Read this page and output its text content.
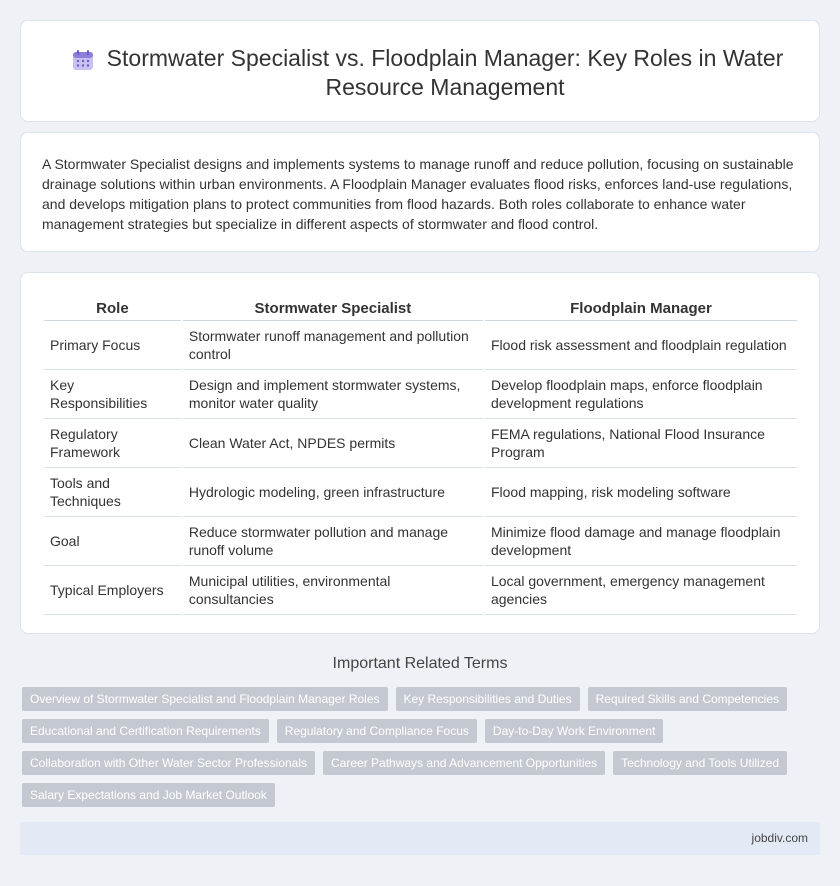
Stormwater Specialist vs. Floodplain Manager: Key Roles in Water Resource Management

A Stormwater Specialist designs and implements systems to manage runoff and reduce pollution, focusing on sustainable drainage solutions within urban environments. A Floodplain Manager evaluates flood risks, enforces land-use regulations, and develops mitigation plans to protect communities from flood hazards. Both roles collaborate to enhance water management strategies but specialize in different aspects of stormwater and flood control.

Role	Stormwater Specialist	Floodplain Manager
Primary Focus	Stormwater runoff management and pollution control	Flood risk assessment and floodplain regulation
Key Responsibilities	Design and implement stormwater systems, monitor water quality	Develop floodplain maps, enforce floodplain development regulations
Regulatory Framework	Clean Water Act, NPDES permits	FEMA regulations, National Flood Insurance Program
Tools and Techniques	Hydrologic modeling, green infrastructure	Flood mapping, risk modeling software
Goal	Reduce stormwater pollution and manage runoff volume	Minimize flood damage and manage floodplain development
Typical Employers	Municipal utilities, environmental consultancies	Local government, emergency management agencies
Important Related Terms
Overview of Stormwater Specialist and Floodplain Manager Roles	Key Responsibilities and Duties	Required Skills and Competencies
Educational and Certification Requirements	Regulatory and Compliance Focus	Day-to-Day Work Environment
Collaboration with Other Water Sector Professionals	Career Pathways and Advancement Opportunities	Technology and Tools Utilized
Salary Expectations and Job Market Outlook
jobdiv.com
